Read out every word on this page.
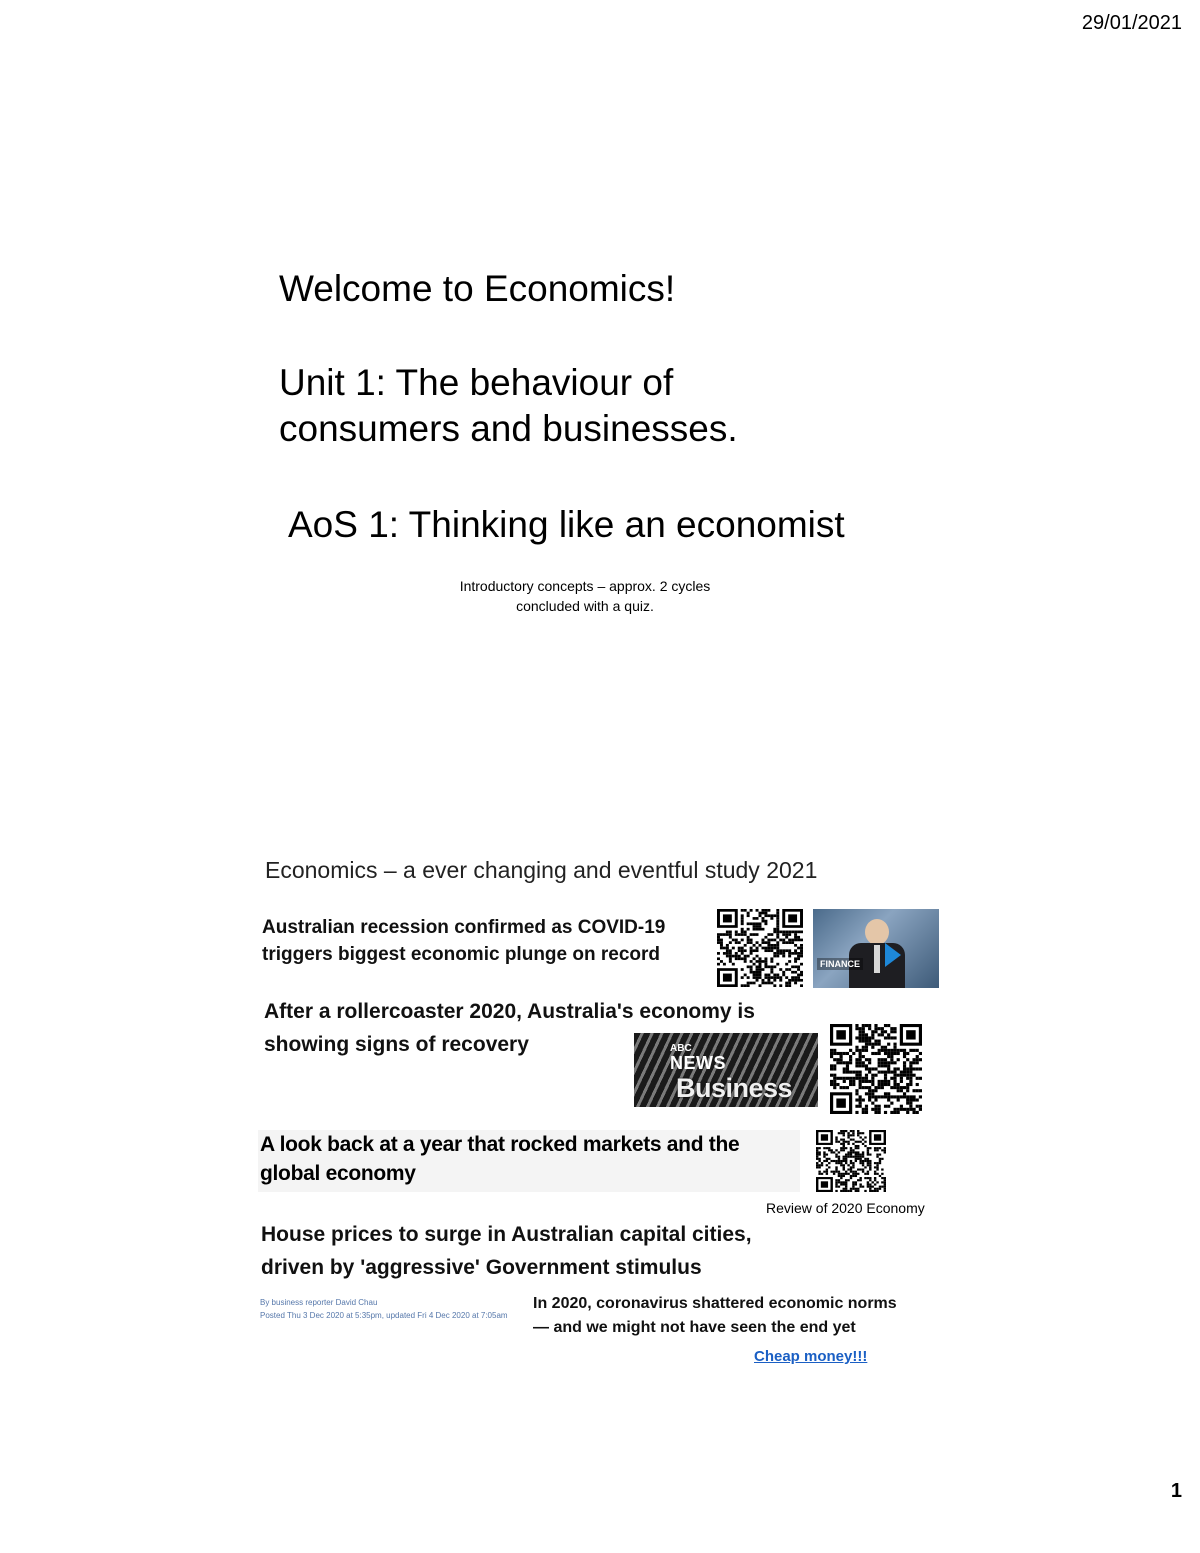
29/01/2021
Welcome to Economics!
Unit 1: The behaviour of
consumers and businesses.
AoS 1: Thinking like an economist
Introductory concepts – approx. 2 cycles
concluded with a quiz.
Economics – a ever changing and eventful study 2021
Australian recession confirmed as COVID-19
triggers biggest economic plunge on record	FINANCE
After a rollercoaster 2020, Australia's economy is
showing signs of recovery	ABC
NEWS
Business
A look back at a year that rocked markets and the
global economy
Review of 2020 Economy
House prices to surge in Australian capital cities,
driven by 'aggressive' Government stimulus
By business reporter David Chau
Posted Thu 3 Dec 2020 at 5:35pm, updated Fri 4 Dec 2020 at 7:05am
In 2020, coronavirus shattered economic norms
— and we might not have seen the end yet
Cheap money!!!
1
